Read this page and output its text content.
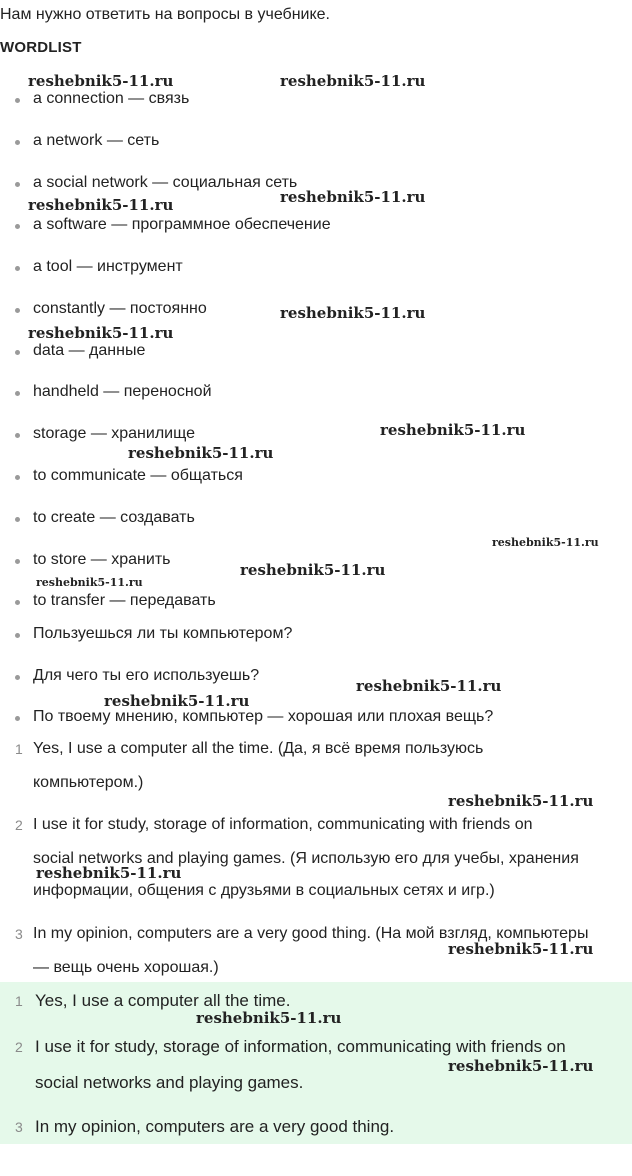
Нам нужно ответить на вопросы в учебнике.
WORDLIST
a connection — связь
a network — сеть
a social network — социальная сеть
a software — программное обеспечение
a tool — инструмент
constantly — постоянно
data — данные
handheld — переносной
storage — хранилище
to communicate — общаться
to create — создавать
to store — хранить
to transfer — передавать
Пользуешься ли ты компьютером?
Для чего ты его используешь?
По твоему мнению, компьютер — хорошая или плохая вещь?
1 Yes, I use a computer all the time. (Да, я всё время пользуюсь
компьютером.)
2 I use it for study, storage of information, communicating with friends on
social networks and playing games. (Я использую его для учебы, хранения
информации, общения с друзьями в социальных сетях и игр.)
3 In my opinion, computers are a very good thing. (На мой взгляд, компьютеры
— вещь очень хорошая.)
1 Yes, I use a computer all the time.
2 I use it for study, storage of information, communicating with friends on
social networks and playing games.
3 In my opinion, computers are a very good thing.
reshebnik5-11.ru	reshebnik5-11.ru
reshebnik5-11.ru	reshebnik5-11.ru
reshebnik5-11.ru
reshebnik5-11.ru
reshebnik5-11.ru
reshebnik5-11.ru
reshebnik5-11.ru
reshebnik5-11.ru
reshebnik5-11.ru
reshebnik5-11.ru
reshebnik5-11.ru
reshebnik5-11.ru
reshebnik5-11.ru
reshebnik5-11.ru
reshebnik5-11.ru
reshebnik5-11.ru
